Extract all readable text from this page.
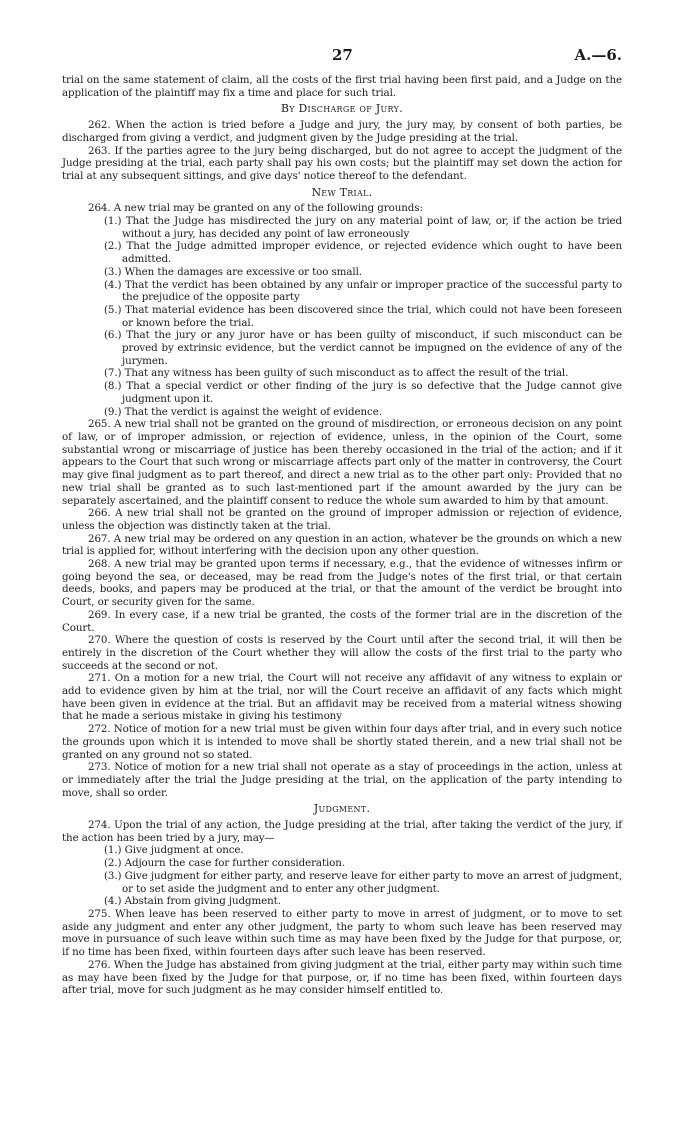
27	A.—6.

trial on the same statement of claim, all the costs of the first trial having been first paid, and a Judge on the application of the plaintiff may fix a time and place for such trial.

By Discharge of Jury.

262. When the action is tried before a Judge and jury, the jury may, by consent of both parties, be discharged from giving a verdict, and judgment given by the Judge presiding at the trial.

263. If the parties agree to the jury being discharged, but do not agree to accept the judgment of the Judge presiding at the trial, each party shall pay his own costs; but the plaintiff may set down the action for trial at any subsequent sittings, and give days' notice thereof to the defendant.

New Trial.

264. A new trial may be granted on any of the following grounds:

(1.) That the Judge has misdirected the jury on any material point of law, or, if the action be tried without a jury, has decided any point of law erroneously

(2.) That the Judge admitted improper evidence, or rejected evidence which ought to have been admitted.

(3.) When the damages are excessive or too small.

(4.) That the verdict has been obtained by any unfair or improper practice of the successful party to the prejudice of the opposite party

(5.) That material evidence has been discovered since the trial, which could not have been foreseen or known before the trial.

(6.) That the jury or any juror have or has been guilty of misconduct, if such misconduct can be proved by extrinsic evidence, but the verdict cannot be impugned on the evidence of any of the jurymen.

(7.) That any witness has been guilty of such misconduct as to affect the result of the trial.

(8.) That a special verdict or other finding of the jury is so defective that the Judge cannot give judgment upon it.

(9.) That the verdict is against the weight of evidence.

265. A new trial shall not be granted on the ground of misdirection, or erroneous decision on any point of law, or of improper admission, or rejection of evidence, unless, in the opinion of the Court, some substantial wrong or miscarriage of justice has been thereby occasioned in the trial of the action; and if it appears to the Court that such wrong or miscarriage affects part only of the matter in controversy, the Court may give final judgment as to part thereof, and direct a new trial as to the other part only: Provided that no new trial shall be granted as to such last-mentioned part if the amount awarded by the jury can be separately ascertained, and the plaintiff consent to reduce the whole sum awarded to him by that amount.

266. A new trial shall not be granted on the ground of improper admission or rejection of evidence, unless the objection was distinctly taken at the trial.

267. A new trial may be ordered on any question in an action, whatever be the grounds on which a new trial is applied for, without interfering with the decision upon any other question.

268. A new trial may be granted upon terms if necessary, e.g., that the evidence of witnesses infirm or going beyond the sea, or deceased, may be read from the Judge's notes of the first trial, or that certain deeds, books, and papers may be produced at the trial, or that the amount of the verdict be brought into Court, or security given for the same.

269. In every case, if a new trial be granted, the costs of the former trial are in the discretion of the Court.

270. Where the question of costs is reserved by the Court until after the second trial, it will then be entirely in the discretion of the Court whether they will allow the costs of the first trial to the party who succeeds at the second or not.

271. On a motion for a new trial, the Court will not receive any affidavit of any witness to explain or add to evidence given by him at the trial, nor will the Court receive an affidavit of any facts which might have been given in evidence at the trial. But an affidavit may be received from a material witness showing that he made a serious mistake in giving his testimony

272. Notice of motion for a new trial must be given within four days after trial, and in every such notice the grounds upon which it is intended to move shall be shortly stated therein, and a new trial shall not be granted on any ground not so stated.

273. Notice of motion for a new trial shall not operate as a stay of proceedings in the action, unless at or immediately after the trial the Judge presiding at the trial, on the application of the party intending to move, shall so order.

Judgment.

274. Upon the trial of any action, the Judge presiding at the trial, after taking the verdict of the jury, if the action has been tried by a jury, may—

(1.) Give judgment at once.

(2.) Adjourn the case for further consideration.

(3.) Give judgment for either party, and reserve leave for either party to move an arrest of judgment, or to set aside the judgment and to enter any other judgment.

(4.) Abstain from giving judgment.

275. When leave has been reserved to either party to move in arrest of judgment, or to move to set aside any judgment and enter any other judgment, the party to whom such leave has been reserved may move in pursuance of such leave within such time as may have been fixed by the Judge for that purpose, or, if no time has been fixed, within fourteen days after such leave has been reserved.

276. When the Judge has abstained from giving judgment at the trial, either party may within such time as may have been fixed by the Judge for that purpose, or, if no time has been fixed, within fourteen days after trial, move for such judgment as he may consider himself entitled to.
